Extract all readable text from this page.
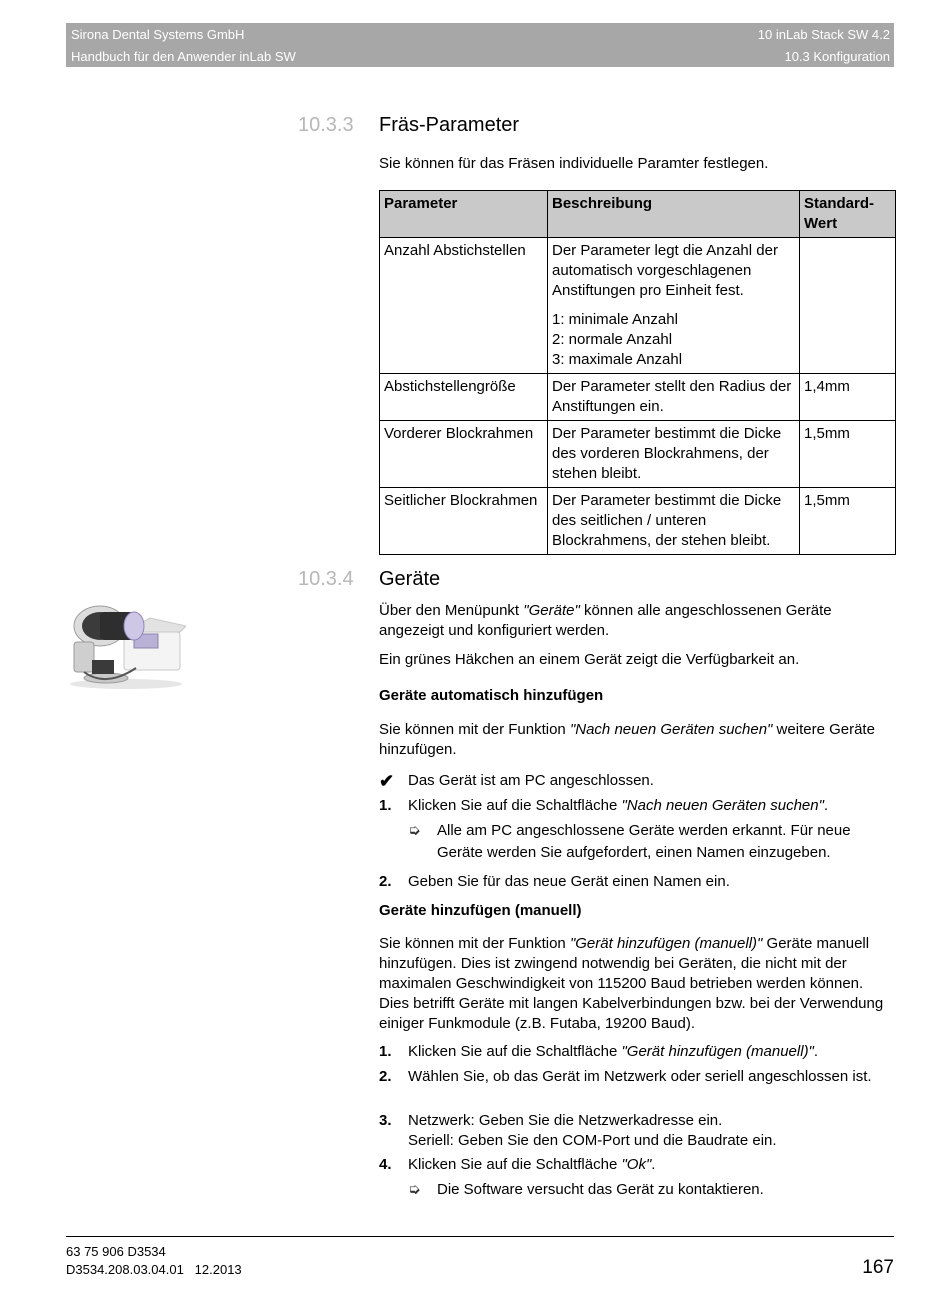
Sirona Dental Systems GmbH
Handbuch für den Anwender inLab SW
10 inLab Stack SW 4.2
10.3 Konfiguration
10.3.3 Fräs-Parameter
Sie können für das Fräsen individuelle Paramter festlegen.
Parameter	Beschreibung	Standard-Wert
Anzahl Abstichstellen	Der Parameter legt die Anzahl der automatisch vorgeschlagenen Anstiftungen pro Einheit fest.
1: minimale Anzahl
2: normale Anzahl
3: maximale Anzahl	

Abstichstellengröße	Der Parameter stellt den Radius der Anstiftungen ein.	1,4mm
Vorderer Blockrahmen	Der Parameter bestimmt die Dicke des vorderen Blockrahmens, der stehen bleibt.	1,5mm
Seitlicher Blockrahmen	Der Parameter bestimmt die Dicke des seitlichen / unteren Blockrahmens, der stehen bleibt.	1,5mm
10.3.4 Geräte
Über den Menüpunkt "Geräte" können alle angeschlossenen Geräte angezeigt und konfiguriert werden.
Ein grünes Häkchen an einem Gerät zeigt die Verfügbarkeit an.
Geräte automatisch hinzufügen
Sie können mit der Funktion "Nach neuen Geräten suchen" weitere Geräte hinzufügen.
✔ Das Gerät ist am PC angeschlossen.
1.	Klicken Sie auf die Schaltfläche "Nach neuen Geräten suchen".
➭	Alle am PC angeschlossene Geräte werden erkannt. Für neue Geräte werden Sie aufgefordert, einen Namen einzugeben.
2.	Geben Sie für das neue Gerät einen Namen ein.
Geräte hinzufügen (manuell)
Sie können mit der Funktion "Gerät hinzufügen (manuell)" Geräte manuell hinzufügen. Dies ist zwingend notwendig bei Geräten, die nicht mit der maximalen Geschwindigkeit von 115200 Baud betrieben werden können. Dies betrifft Geräte mit langen Kabelverbindungen bzw. bei der Verwendung einiger Funkmodule (z.B. Futaba, 19200 Baud).
1.	Klicken Sie auf die Schaltfläche "Gerät hinzufügen (manuell)".
2.	Wählen Sie, ob das Gerät im Netzwerk oder seriell angeschlossen ist.
3.	Netzwerk: Geben Sie die Netzwerkadresse ein.
Seriell: Geben Sie den COM-Port und die Baudrate ein.
4.	Klicken Sie auf die Schaltfläche "Ok".
➭	Die Software versucht das Gerät zu kontaktieren.
63 75 906 D3534
D3534.208.03.04.01   12.2013	167
